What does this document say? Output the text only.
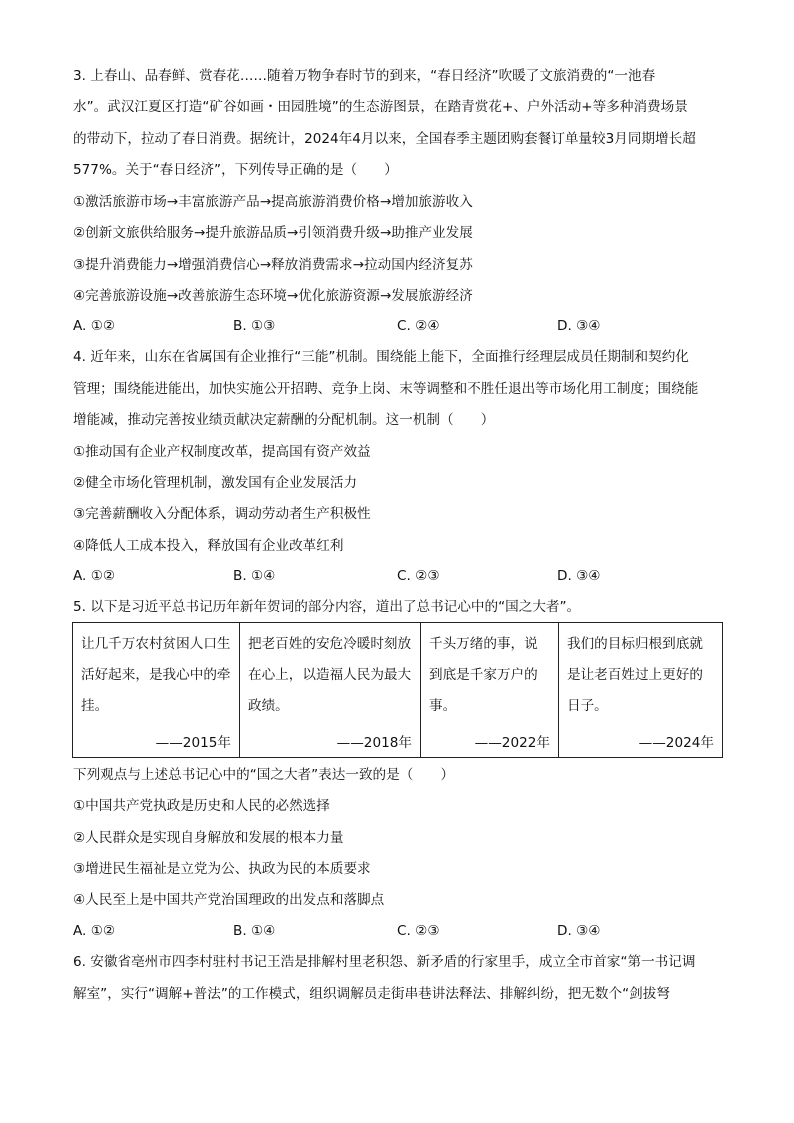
3. 上春山、品春鲜、赏春花……随着万物争春时节的到来，“春日经济”吹暖了文旅消费的“一池春
水”。武汉江夏区打造“矿谷如画・田园胜境”的生态游图景，在踏青赏花+、户外活动+等多种消费场景
的带动下，拉动了春日消费。据统计，2024年4月以来，全国春季主题团购套餐订单量较3月同期增长超
577%。关于“春日经济”，下列传导正确的是（　　）
①激活旅游市场→丰富旅游产品→提高旅游消费价格→增加旅游收入
②创新文旅供给服务→提升旅游品质→引领消费升级→助推产业发展
③提升消费能力→增强消费信心→释放消费需求→拉动国内经济复苏
④完善旅游设施→改善旅游生态环境→优化旅游资源→发展旅游经济
A. ①②	B. ①③	C. ②④	D. ③④
4. 近年来，山东在省属国有企业推行“三能”机制。围绕能上能下，全面推行经理层成员任期制和契约化
管理；围绕能进能出，加快实施公开招聘、竞争上岗、末等调整和不胜任退出等市场化用工制度；围绕能
增能减，推动完善按业绩贡献决定薪酬的分配机制。这一机制（　　）
①推动国有企业产权制度改革，提高国有资产效益
②健全市场化管理机制，激发国有企业发展活力
③完善薪酬收入分配体系，调动劳动者生产积极性
④降低人工成本投入，释放国有企业改革红利
A. ①②	B. ①④	C. ②③	D. ③④
5. 以下是习近平总书记历年新年贺词的部分内容，道出了总书记心中的“国之大者”。
让几千万农村贫困人口生活好起来，是我心中的牵挂。
——2015年

把老百姓的安危冷暖时刻放在心上，以造福人民为最大政绩。
——2018年

千头万绪的事，说到底是千家万户的事。
——2022年

我们的目标归根到底就是让老百姓过上更好的日子。
——2024年
下列观点与上述总书记心中的“国之大者”表达一致的是（　　）
①中国共产党执政是历史和人民的必然选择
②人民群众是实现自身解放和发展的根本力量
③增进民生福祉是立党为公、执政为民的本质要求
④人民至上是中国共产党治国理政的出发点和落脚点
A. ①②	B. ①④	C. ②③	D. ③④
6. 安徽省亳州市四李村驻村书记王浩是排解村里老积怨、新矛盾的行家里手，成立全市首家“第一书记调
解室”，实行“调解+普法”的工作模式，组织调解员走街串巷讲法释法、排解纠纷，把无数个“剑拔弩
